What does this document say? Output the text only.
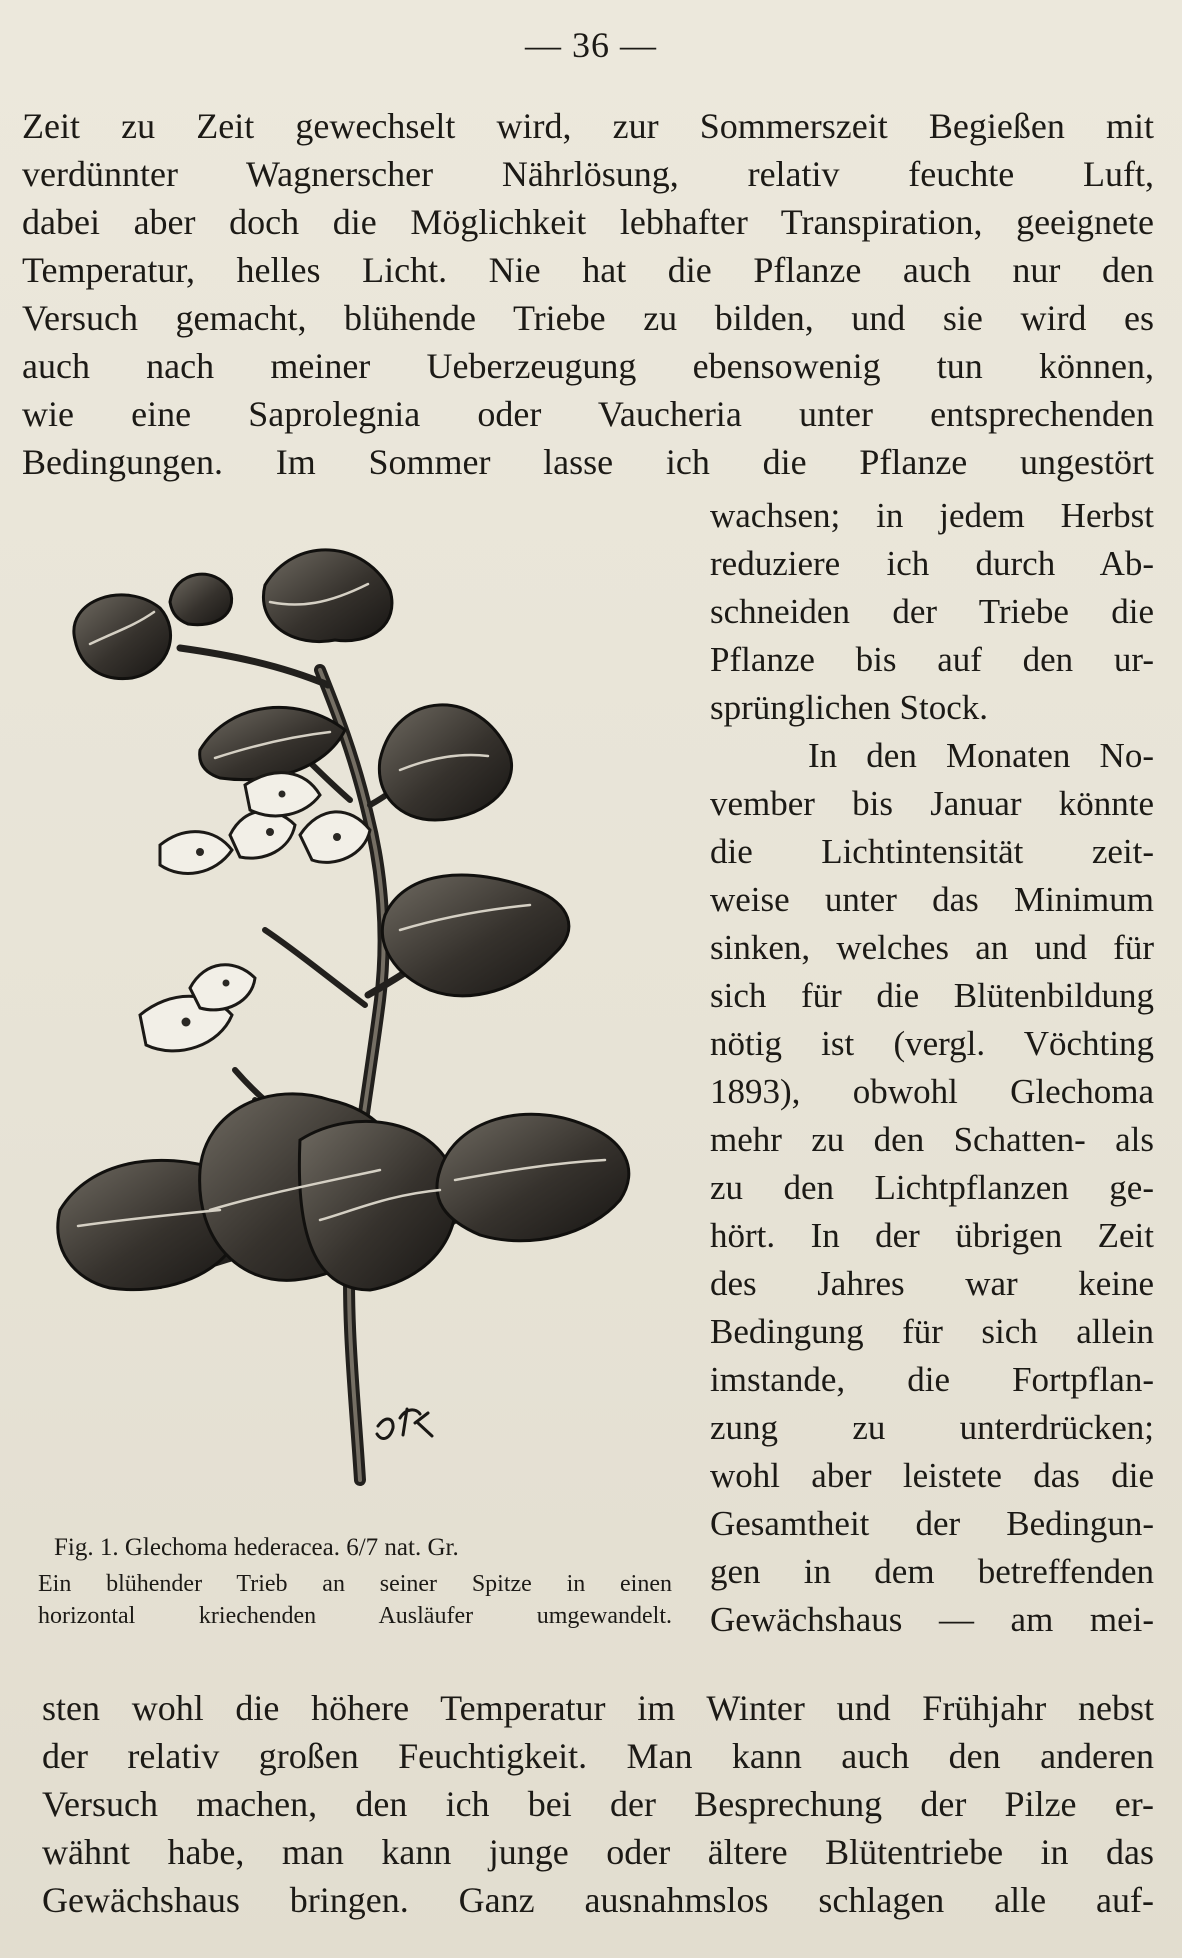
— 36 —
Zeit zu Zeit gewechselt wird, zur Sommerszeit Begießen mit
verdünnter Wagnerscher Nährlösung, relativ feuchte Luft,
dabei aber doch die Möglichkeit lebhafter Transpiration, geeignete
Temperatur, helles Licht. Nie hat die Pflanze auch nur den
Versuch gemacht, blühende Triebe zu bilden, und sie wird es
auch nach meiner Ueberzeugung ebensowenig tun können,
wie eine Saprolegnia oder Vaucheria unter entsprechenden
Bedingungen. Im Sommer lasse ich die Pflanze ungestört
wachsen; in jedem Herbst
reduziere ich durch Ab-
schneiden der Triebe die
Pflanze bis auf den ur-
sprünglichen Stock.
In den Monaten No-
vember bis Januar könnte
die Lichtintensität zeit-
weise unter das Minimum
sinken, welches an und für
sich für die Blütenbildung
nötig ist (vergl. Vöchting
1893), obwohl Glechoma
mehr zu den Schatten- als
zu den Lichtpflanzen ge-
hört. In der übrigen Zeit
des Jahres war keine
Bedingung für sich allein
imstande, die Fortpflan-
zung zu unterdrücken;
wohl aber leistete das die
Gesamtheit der Bedingun-
gen in dem betreffenden
Gewächshaus — am mei-
Fig. 1. Glechoma hederacea. 6/7 nat. Gr.
Ein blühender Trieb an seiner Spitze in einen
horizontal kriechenden Ausläufer umgewandelt.
sten wohl die höhere Temperatur im Winter und Frühjahr nebst
der relativ großen Feuchtigkeit. Man kann auch den anderen
Versuch machen, den ich bei der Besprechung der Pilze er-
wähnt habe, man kann junge oder ältere Blütentriebe in das
Gewächshaus bringen. Ganz ausnahmslos schlagen alle auf-
